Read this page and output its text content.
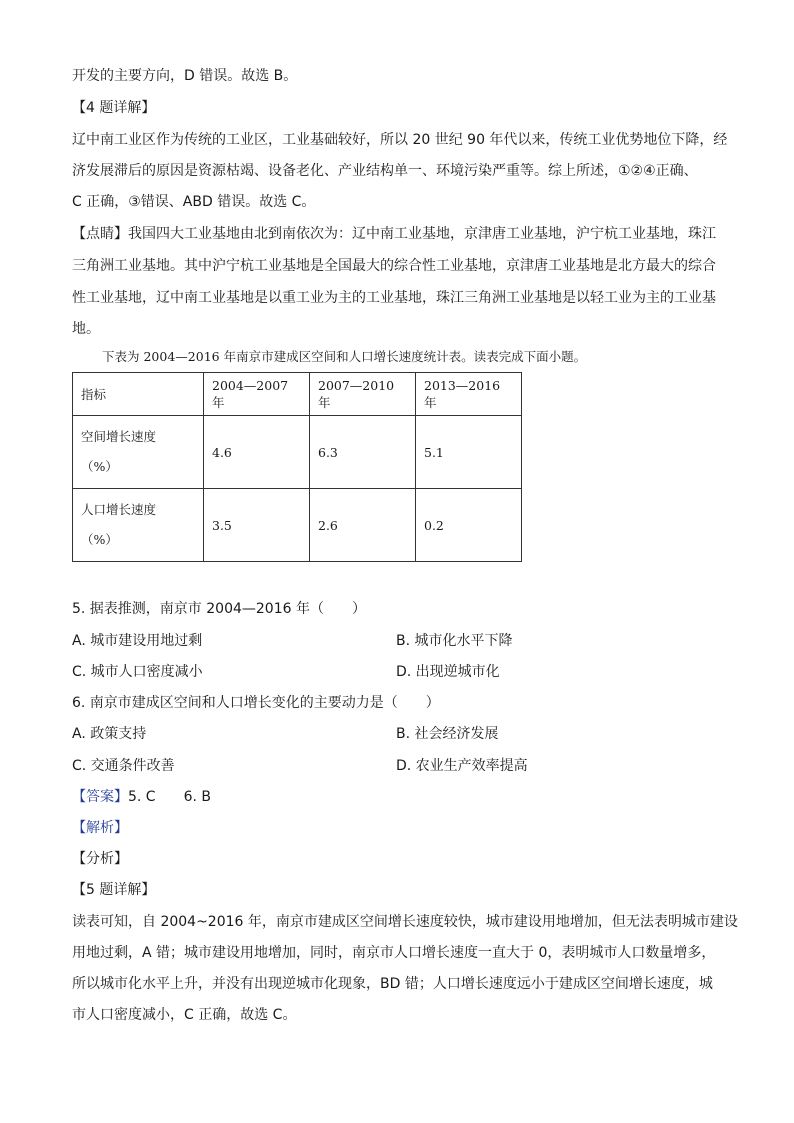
开发的主要方向，D 错误。故选 B。
【4 题详解】
辽中南工业区作为传统的工业区，工业基础较好，所以 20 世纪 90 年代以来，传统工业优势地位下降，经
济发展滞后的原因是资源枯竭、设备老化、产业结构单一、环境污染严重等。综上所述，①②④正确、
C 正确，③错误、ABD 错误。故选 C。
【点睛】我国四大工业基地由北到南依次为：辽中南工业基地，京津唐工业基地，沪宁杭工业基地，珠江
三角洲工业基地。其中沪宁杭工业基地是全国最大的综合性工业基地，京津唐工业基地是北方最大的综合
性工业基地，辽中南工业基地是以重工业为主的工业基地，珠江三角洲工业基地是以轻工业为主的工业基
地。
下表为 2004—2016 年南京市建成区空间和人口增长速度统计表。读表完成下面小题。
指标	2004—2007 年	2007—2010 年	2013—2016 年

空间增长速度
（%）	4.6	6.3	5.1

人口增长速度
（%）	3.5	2.6	0.2
5. 据表推测，南京市 2004—2016 年（　　）
A. 城市建设用地过剩	B. 城市化水平下降
C. 城市人口密度减小	D. 出现逆城市化
6. 南京市建成区空间和人口增长变化的主要动力是（　　）
A. 政策支持	B. 社会经济发展
C. 交通条件改善	D. 农业生产效率提高
【答案】5. C　　6. B
【解析】
【分析】
【5 题详解】
读表可知，自 2004~2016 年，南京市建成区空间增长速度较快，城市建设用地增加，但无法表明城市建设
用地过剩，A 错；城市建设用地增加，同时，南京市人口增长速度一直大于 0，表明城市人口数量增多，
所以城市化水平上升，并没有出现逆城市化现象，BD 错；人口增长速度远小于建成区空间增长速度，城
市人口密度减小，C 正确，故选 C。
